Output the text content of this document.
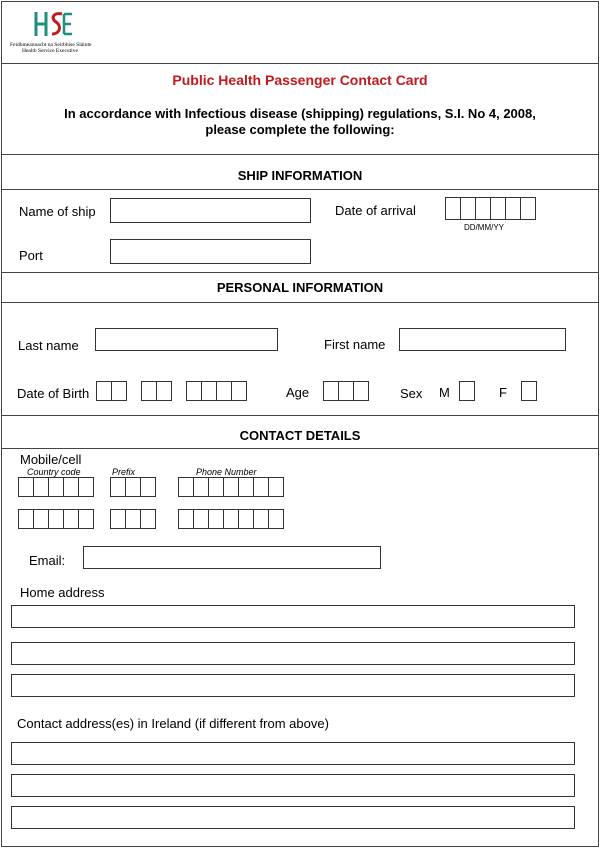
Feidhmeannacht na Seirbhíse Sláinte
Health Service Executive
Public Health Passenger Contact Card
In accordance with Infectious disease (shipping) regulations, S.I. No 4, 2008,
please complete the following:
SHIP INFORMATION
Name of ship	Date of arrival
DD/MM/YY
Port
PERSONAL INFORMATION
Last name	First name
Date of Birth	Age	Sex M	F
CONTACT DETAILS
Mobile/cell
Country code	Prefix	Phone Number
Email:
Home address
Contact address(es) in Ireland (if different from above)
